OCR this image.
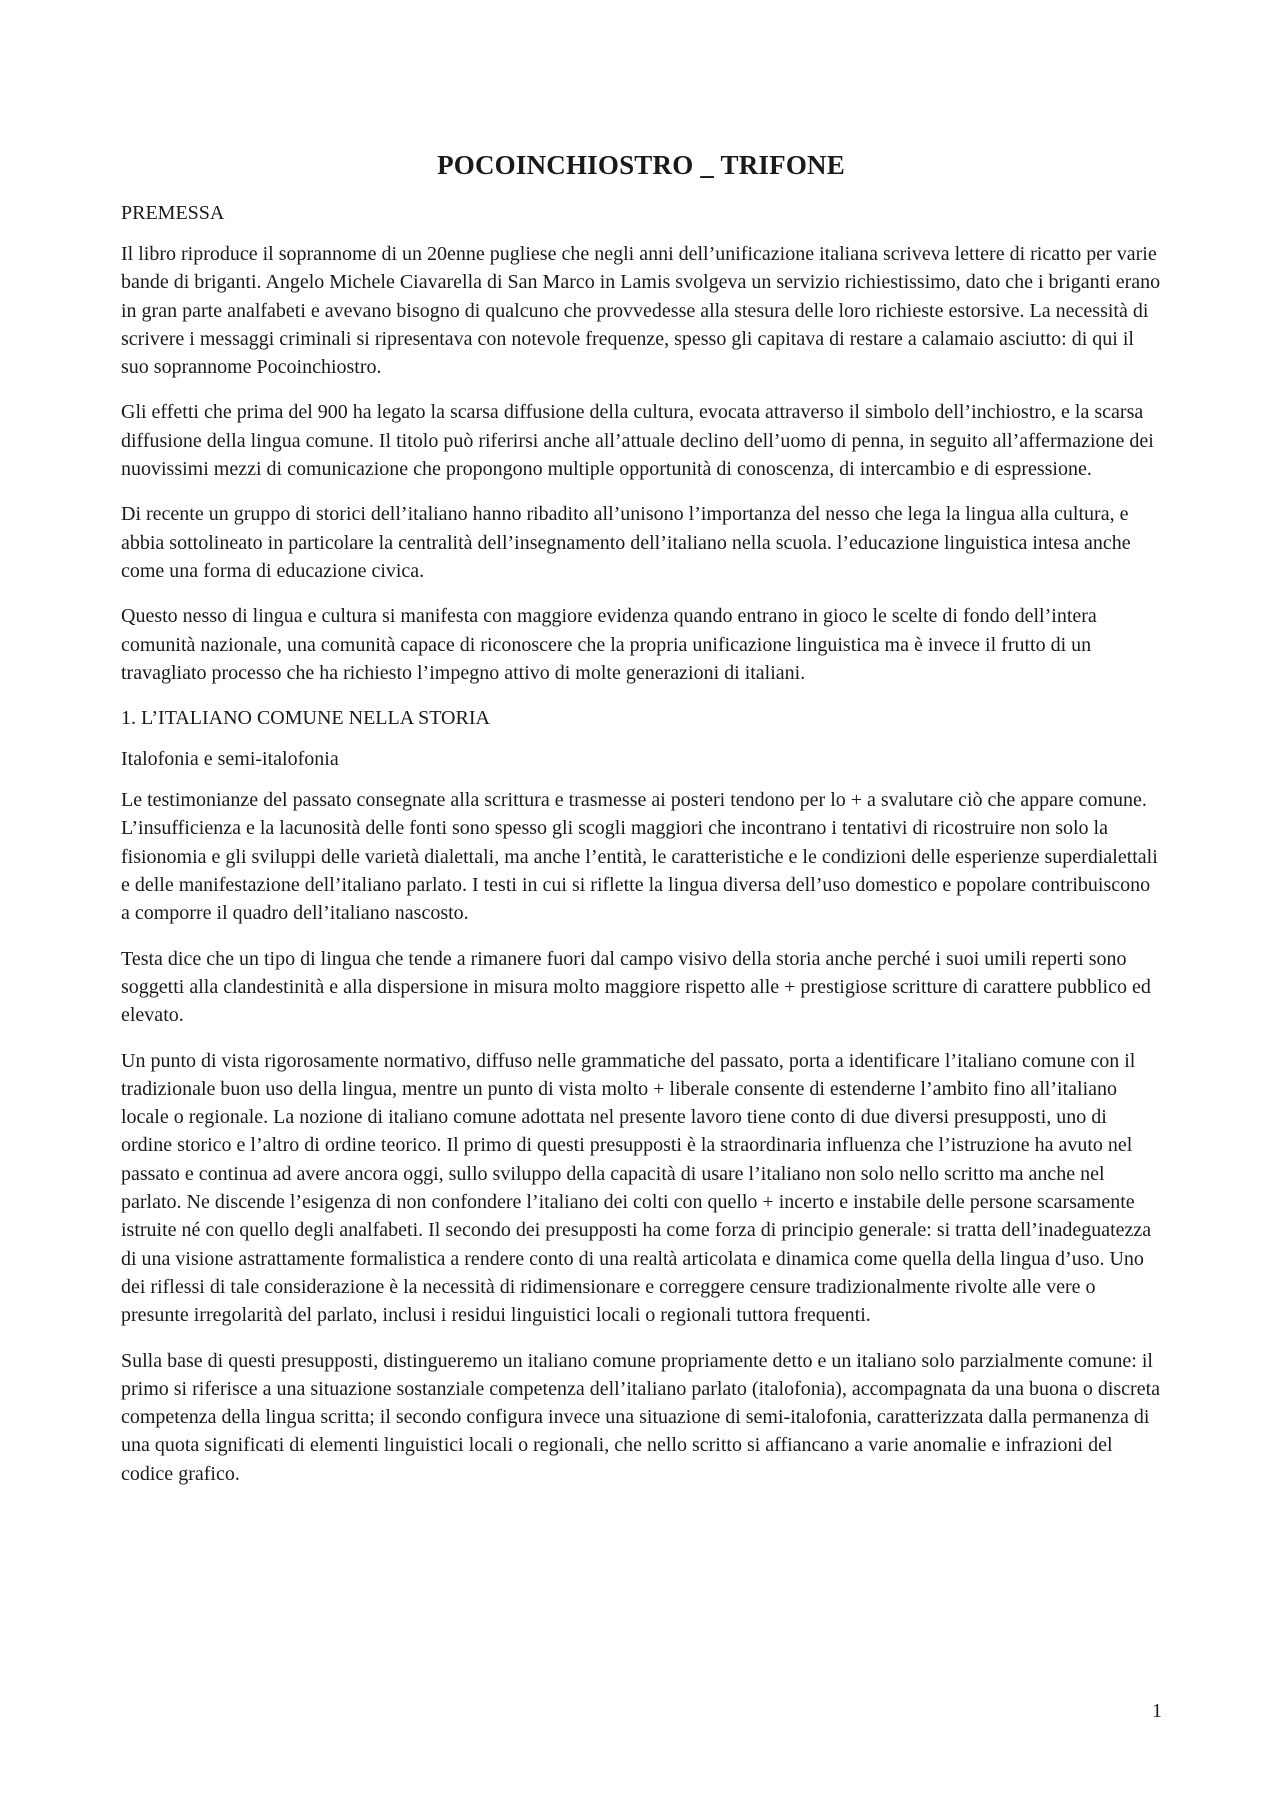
POCOINCHIOSTRO _ TRIFONE
PREMESSA

Il libro riproduce il soprannome di un 20enne pugliese che negli anni dell’unificazione italiana scriveva lettere di ricatto per varie bande di briganti. Angelo Michele Ciavarella di San Marco in Lamis svolgeva un servizio richiestissimo, dato che i briganti erano in gran parte analfabeti e avevano bisogno di qualcuno che provvedesse alla stesura delle loro richieste estorsive. La necessità di scrivere i messaggi criminali si ripresentava con notevole frequenze, spesso gli capitava di restare a calamaio asciutto: di qui il suo soprannome Pocoinchiostro.

Gli effetti che prima del 900 ha legato la scarsa diffusione della cultura, evocata attraverso il simbolo dell’inchiostro, e la scarsa diffusione della lingua comune. Il titolo può riferirsi anche all’attuale declino dell’uomo di penna, in seguito all’affermazione dei nuovissimi mezzi di comunicazione che propongono multiple opportunità di conoscenza, di intercambio e di espressione.

Di recente un gruppo di storici dell’italiano hanno ribadito all’unisono l’importanza del nesso che lega la lingua alla cultura, e abbia sottolineato in particolare la centralità dell’insegnamento dell’italiano nella scuola. l’educazione linguistica intesa anche come una forma di educazione civica.

Questo nesso di lingua e cultura si manifesta con maggiore evidenza quando entrano in gioco le scelte di fondo dell’intera comunità nazionale, una comunità capace di riconoscere che la propria unificazione linguistica ma è invece il frutto di un travagliato processo che ha richiesto l’impegno attivo di molte generazioni di italiani.

1. L’ITALIANO COMUNE NELLA STORIA
Italofonia e semi-italofonia

Le testimonianze del passato consegnate alla scrittura e trasmesse ai posteri tendono per lo + a svalutare ciò che appare comune. L’insufficienza e la lacunosità delle fonti sono spesso gli scogli maggiori che incontrano i tentativi di ricostruire non solo la fisionomia e gli sviluppi delle varietà dialettali, ma anche l’entità, le caratteristiche e le condizioni delle esperienze superdialettali e delle manifestazione dell’italiano parlato. I testi in cui si riflette la lingua diversa dell’uso domestico e popolare contribuiscono a comporre il quadro dell’italiano nascosto.

Testa dice che un tipo di lingua che tende a rimanere fuori dal campo visivo della storia anche perché i suoi umili reperti sono soggetti alla clandestinità e alla dispersione in misura molto maggiore rispetto alle + prestigiose scritture di carattere pubblico ed elevato.

Un punto di vista rigorosamente normativo, diffuso nelle grammatiche del passato, porta a identificare l’italiano comune con il tradizionale buon uso della lingua, mentre un punto di vista molto + liberale consente di estenderne l’ambito fino all’italiano locale o regionale. La nozione di italiano comune adottata nel presente lavoro tiene conto di due diversi presupposti, uno di ordine storico e l’altro di ordine teorico. Il primo di questi presupposti è la straordinaria influenza che l’istruzione ha avuto nel passato e continua ad avere ancora oggi, sullo sviluppo della capacità di usare l’italiano non solo nello scritto ma anche nel parlato. Ne discende l’esigenza di non confondere l’italiano dei colti con quello + incerto e instabile delle persone scarsamente istruite né con quello degli analfabeti. Il secondo dei presupposti ha come forza di principio generale: si tratta dell’inadeguatezza di una visione astrattamente formalistica a rendere conto di una realtà articolata e dinamica come quella della lingua d’uso. Uno dei riflessi di tale considerazione è la necessità di ridimensionare e correggere censure tradizionalmente rivolte alle vere o presunte irregolarità del parlato, inclusi i residui linguistici locali o regionali tuttora frequenti.

Sulla base di questi presupposti, distingueremo un italiano comune propriamente detto e un italiano solo parzialmente comune: il primo si riferisce a una situazione sostanziale competenza dell’italiano parlato (italofonia), accompagnata da una buona o discreta competenza della lingua scritta; il secondo configura invece una situazione di semi-italofonia, caratterizzata dalla permanenza di una quota significati di elementi linguistici locali o regionali, che nello scritto si affiancano a varie anomalie e infrazioni del codice grafico.

1
